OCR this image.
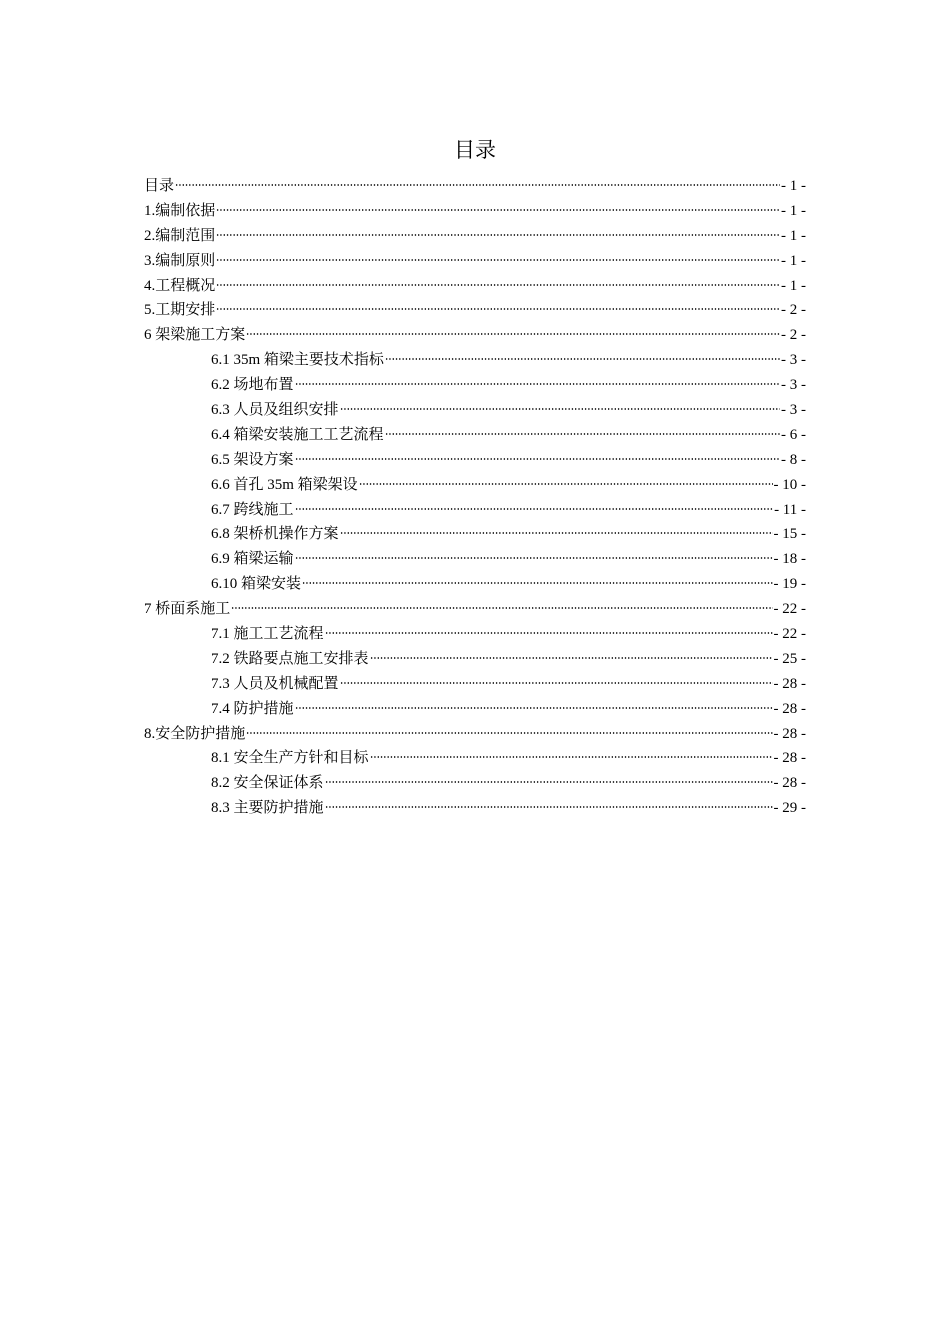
目录
目录	- 1 -
1.编制依据	- 1 -
2.编制范围	- 1 -
3.编制原则	- 1 -
4.工程概况	- 1 -
5.工期安排	- 2 -
6 架梁施工方案	- 2 -
6.1 35m 箱梁主要技术指标	- 3 -
6.2 场地布置	- 3 -
6.3 人员及组织安排	- 3 -
6.4 箱梁安装施工工艺流程	- 6 -
6.5 架设方案	- 8 -
6.6 首孔 35m 箱梁架设	- 10 -
6.7 跨线施工	- 11 -
6.8 架桥机操作方案	- 15 -
6.9 箱梁运输	- 18 -
6.10 箱梁安装	- 19 -
7 桥面系施工	- 22 -
7.1 施工工艺流程	- 22 -
7.2 铁路要点施工安排表	- 25 -
7.3 人员及机械配置	- 28 -
7.4 防护措施	- 28 -
8.安全防护措施	- 28 -
8.1 安全生产方针和目标	- 28 -
8.2 安全保证体系	- 28 -
8.3 主要防护措施	- 29 -
